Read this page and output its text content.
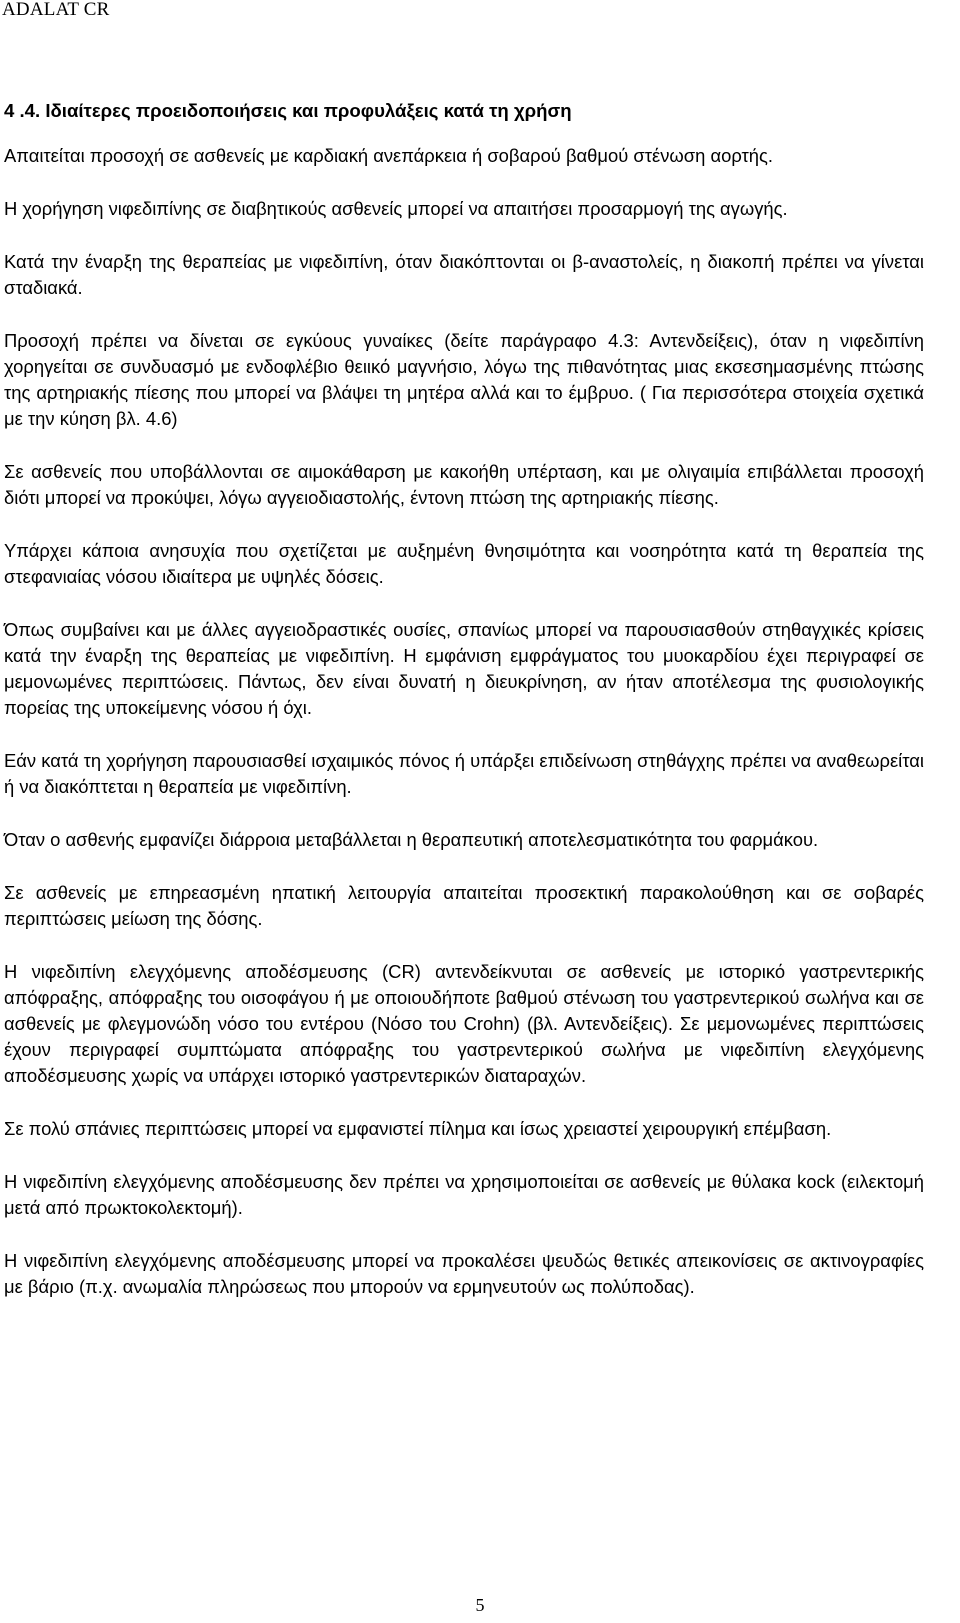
ADALAT CR
4 .4. Ιδιαίτερες προειδοποιήσεις και προφυλάξεις κατά τη χρήση

Απαιτείται προσοχή σε ασθενείς με καρδιακή ανεπάρκεια ή σοβαρού βαθμού στένωση αορτής.

Η χορήγηση νιφεδιπίνης σε διαβητικούς ασθενείς μπορεί να απαιτήσει προσαρμογή της αγωγής.

Κατά την έναρξη της θεραπείας με νιφεδιπίνη, όταν διακόπτονται οι β-αναστολείς, η διακοπή πρέπει να γίνεται σταδιακά.

Προσοχή πρέπει να δίνεται σε εγκύους γυναίκες (δείτε παράγραφο 4.3: Αντενδείξεις), όταν η νιφεδιπίνη χορηγείται σε συνδυασμό με ενδοφλέβιο θειικό μαγνήσιο, λόγω της πιθανότητας μιας εκσεσημασμένης πτώσης της αρτηριακής πίεσης που μπορεί να βλάψει τη μητέρα αλλά και το έμβρυο. ( Για περισσότερα στοιχεία σχετικά με την κύηση βλ. 4.6)

Σε ασθενείς που υποβάλλονται σε αιμοκάθαρση με κακοήθη υπέρταση, και με ολιγαιμία επιβάλλεται προσοχή διότι μπορεί να προκύψει, λόγω αγγειοδιαστολής, έντονη πτώση της αρτηριακής πίεσης.

Υπάρχει κάποια ανησυχία που σχετίζεται με αυξημένη θνησιμότητα και νοσηρότητα κατά τη θεραπεία της στεφανιαίας νόσου ιδιαίτερα με υψηλές δόσεις.

Όπως συμβαίνει και με άλλες αγγειοδραστικές ουσίες, σπανίως μπορεί να παρουσιασθούν στηθαγχικές κρίσεις κατά την έναρξη της θεραπείας με νιφεδιπίνη. Η εμφάνιση εμφράγματος του μυοκαρδίου έχει περιγραφεί σε μεμονωμένες περιπτώσεις. Πάντως, δεν είναι δυνατή η διευκρίνηση, αν ήταν αποτέλεσμα της φυσιολογικής πορείας της υποκείμενης νόσου ή όχι.

Εάν κατά τη χορήγηση παρουσιασθεί ισχαιμικός πόνος ή υπάρξει επιδείνωση στηθάγχης πρέπει να αναθεωρείται ή να διακόπτεται η θεραπεία με νιφεδιπίνη.

Όταν ο ασθενής εμφανίζει διάρροια μεταβάλλεται η θεραπευτική αποτελεσματικότητα του φαρμάκου.

Σε ασθενείς με επηρεασμένη ηπατική λειτουργία απαιτείται προσεκτική παρακολούθηση και σε σοβαρές περιπτώσεις μείωση της δόσης.

Η νιφεδιπίνη ελεγχόμενης αποδέσμευσης (CR) αντενδείκνυται σε ασθενείς με ιστορικό γαστρεντερικής απόφραξης, απόφραξης του οισοφάγου ή με οποιουδήποτε βαθμού στένωση του γαστρεντερικού σωλήνα και σε ασθενείς με φλεγμονώδη νόσο του εντέρου (Νόσο του Crohn) (βλ. Αντενδείξεις). Σε μεμονωμένες περιπτώσεις έχουν περιγραφεί συμπτώματα απόφραξης του γαστρεντερικού σωλήνα με νιφεδιπίνη ελεγχόμενης αποδέσμευσης χωρίς να υπάρχει ιστορικό γαστρεντερικών διαταραχών.

Σε πολύ σπάνιες περιπτώσεις μπορεί να εμφανιστεί πίλημα και ίσως χρειαστεί χειρουργική επέμβαση.

Η νιφεδιπίνη ελεγχόμενης αποδέσμευσης δεν πρέπει να χρησιμοποιείται σε ασθενείς με θύλακα kock (ειλεκτομή μετά από πρωκτοκολεκτομή).

Η νιφεδιπίνη ελεγχόμενης αποδέσμευσης μπορεί να προκαλέσει ψευδώς θετικές απεικονίσεις σε ακτινογραφίες με βάριο (π.χ. ανωμαλία πληρώσεως που μπορούν να ερμηνευτούν ως πολύποδας).

5
